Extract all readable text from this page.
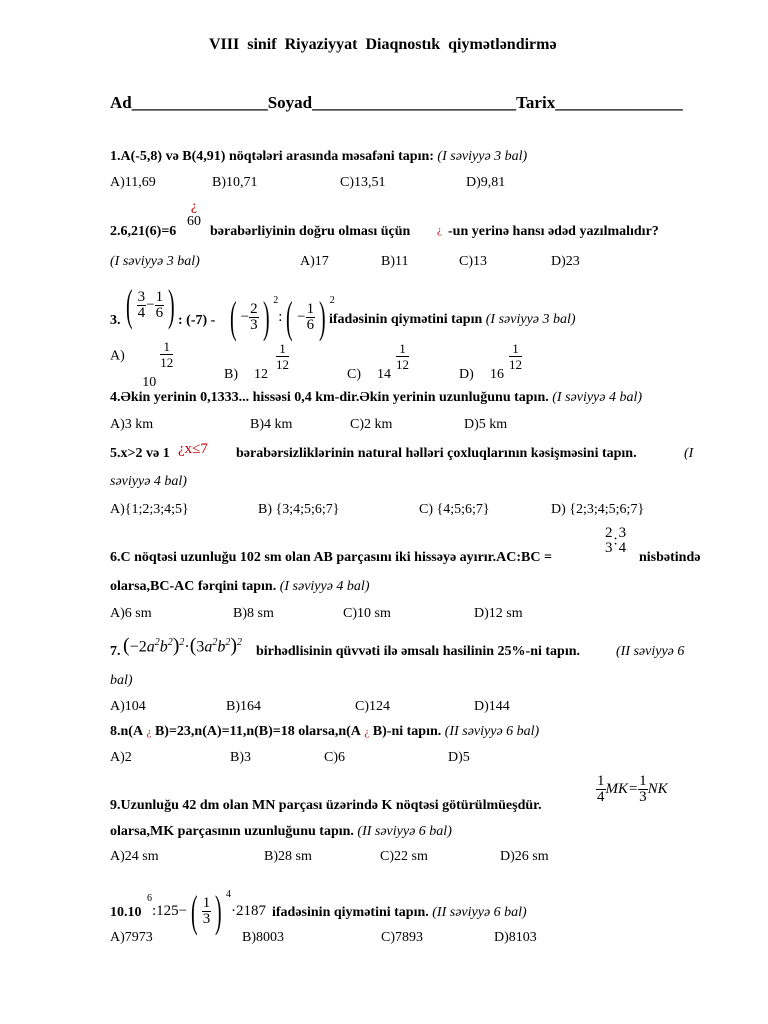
VIII sinif Riyaziyyat Diaqnostık qiymətləndirmə
Ad________________Soyad________________________Tarix_______________
1.A(-5,8) və B(4,91) nöqtələri arasında məsafəni tapın: (I səviyyə 3 bal)
A)11,69	B)10,71	C)13,51	D)9,81
2.6,21(6)=6
¿
60
bərabərliyinin doğru olması üçün ¿ -un yerinə hansı ədəd yazılmalıdır?
(I səviyyə 3 bal)	A)17	B)11	C)13	D)23
3. ( $\frac{3}{4} - \frac{1}{6}$ ) : (-7) - ( − $\frac{2}{3}$ ) $^2$:( − $\frac{1}{6}$ ) $^2$
ifadəsinin qiymətini tapın (I səviyyə 3 bal)
A) 10
$\frac{1}{12}$
B) 12
$\frac{1}{12}$
C) 14
$\frac{1}{12}$
D) 16
$\frac{1}{12}$
4.Əkin yerinin 0,1333... hissəsi 0,4 km-dir.Əkin yerinin uzunluğunu tapın. (I səviyyə 4 bal)
A)3 km	B)4 km	C)2 km	D)5 km
5.x>2 və 1 ¿x≤7 bərabərsizliklərinin natural həlləri çoxluqlarının kəsişməsini tapın.	(I
səviyyə 4 bal)
A){1;2;3;4;5}	B) {3;4;5;6;7}	C) {4;5;6;7}	D) {2;3;4;5;6;7}
6.C nöqtəsi uzunluğu 102 sm olan AB parçasını iki hissəyə ayırır.AC:BC =
2
3 : 3
4
nisbətində
olarsa,BC-AC fərqini tapın. (I səviyyə 4 bal)
A)6 sm	B)8 sm	C)10 sm	D)12 sm
7. $(-2a^2b^2)^2\cdot(3a^2b^2)^2$
birhədlisinin qüvvəti ilə əmsalı hasilinin 25%-ni tapın.	(II səviyyə 6
bal)
A)104	B)164	C)124	D)144
8.n(A ¿ B)=23,n(A)=11,n(B)=18 olarsa,n(A ¿ B)-ni tapın. (II səviyyə 6 bal)
A)2	B)3	C)6	D)5
9.Uzunluğu 42 dm olan MN parçası üzərində K nöqtəsi götürülmüeşdür.
$\frac{1}{4} MK= \frac{1}{3}$ NK
olarsa,MK parçasının uzunluğunu tapın. (II səviyyə 6 bal)
A)24 sm	B)28 sm	C)22 sm	D)26 sm
$^6$:125−( $\frac{1}{3}$ ) $^4$·2187
10.10	ifadəsinin qiymətini tapın. (II səviyyə 6 bal)
A)7973	B)8003	C)7893	D)8103
